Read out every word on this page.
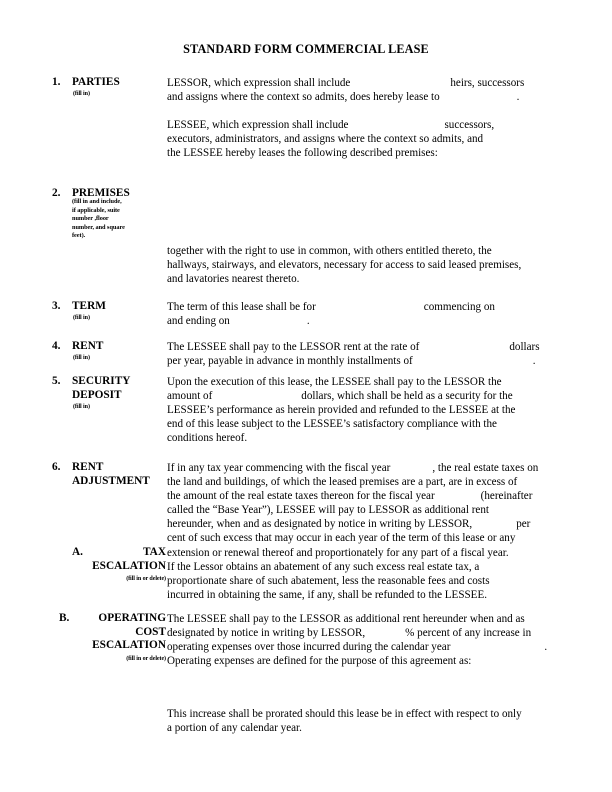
STANDARD FORM COMMERCIAL LEASE
1. PARTIES
(fill in)

LESSOR, which expression shall include	heirs, successors

and assigns where the context so admits, does hereby lease to	.

LESSEE, which expression shall include	successors,

executors, administrators, and assigns where the context so admits, and

the LESSEE hereby leases the following described premises:

2. PREMISES
(fill in and include,
if applicable, suite
number ,floor
number, and square
feet).

together with the right to use in common, with others entitled thereto, the

hallways, stairways, and elevators, necessary for access to said leased premises,

and lavatories nearest thereto.

3. TERM
(fill in)

The term of this lease shall be for	commencing on

and ending on	.

4. RENT
(fill in)

The LESSEE shall pay to the LESSOR rent at the rate of	dollars

per year, payable in advance in monthly installments of	.

5. SECURITY
DEPOSIT
(fill in)

Upon the execution of this lease, the LESSEE shall pay to the LESSOR the

amount of	dollars, which shall be held as a security for the

LESSEE’s performance as herein provided and refunded to the LESSEE at the

end of this lease subject to the LESSEE’s satisfactory compliance with the

conditions hereof.

6. RENT
ADJUSTMENT

If in any tax year commencing with the fiscal year	, the real estate taxes on

the land and buildings, of which the leased premises are a part, are in excess of

the amount of the real estate taxes thereon for the fiscal year	(hereinafter

called the “Base Year”), LESSEE will pay to LESSOR as additional rent

hereunder, when and as designated by notice in writing by LESSOR,	per

cent of such excess that may occur in each year of the term of this lease or any

extension or renewal thereof and proportionately for any part of a fiscal year.

A.	TAX
ESCALATION
(fill in or delete)

If the Lessor obtains an abatement of any such excess real estate tax, a

proportionate share of such abatement, less the reasonable fees and costs

incurred in obtaining the same, if any, shall be refunded to the LESSEE.

B.	OPERATING
COST
ESCALATION
(fill in or delete)

The LESSEE shall pay to the LESSOR as additional rent hereunder when and as

designated by notice in writing by LESSOR,	% percent of any increase in

operating expenses over those incurred during the calendar year	.

Operating expenses are defined for the purpose of this agreement as:

This increase shall be prorated should this lease be in effect with respect to only

a portion of any calendar year.
